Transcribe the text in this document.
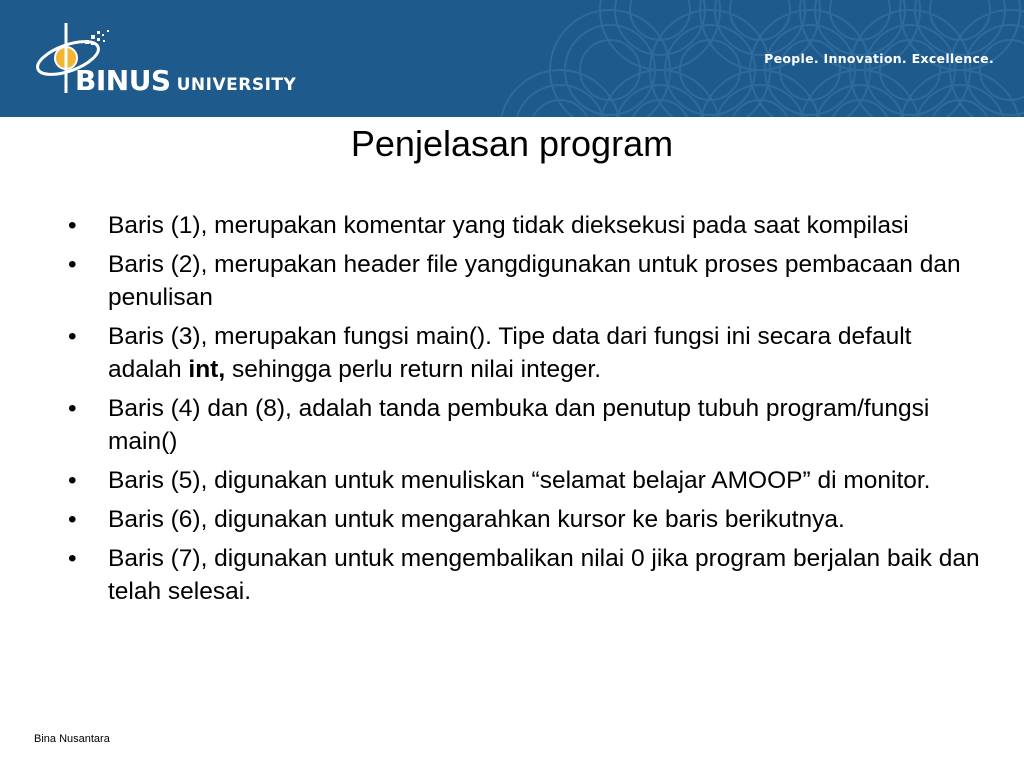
BINUS UNIVERSITY
People. Innovation. Excellence.
Penjelasan program
• Baris (1), merupakan komentar yang tidak dieksekusi pada saat kompilasi
• Baris (2), merupakan header file yangdigunakan untuk proses pembacaan dan penulisan
• Baris (3), merupakan fungsi main(). Tipe data dari fungsi ini secara default adalah int, sehingga perlu return nilai integer.
• Baris (4) dan (8), adalah tanda pembuka dan penutup tubuh program/fungsi main()
• Baris (5), digunakan untuk menuliskan “selamat belajar AMOOP” di monitor.
• Baris (6), digunakan untuk mengarahkan kursor ke baris berikutnya.
• Baris (7), digunakan untuk mengembalikan nilai 0 jika program berjalan baik dan telah selesai.
Bina Nusantara
